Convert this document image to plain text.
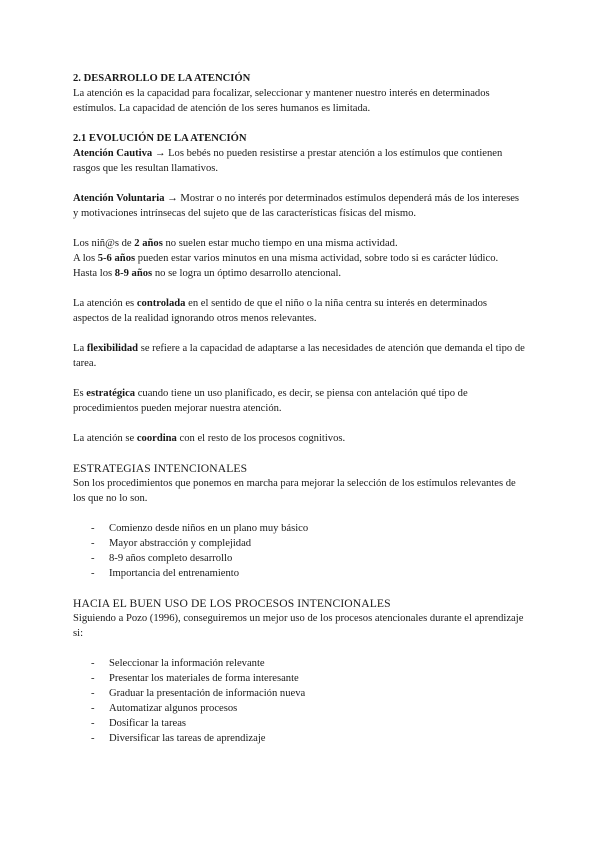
2. DESARROLLO DE LA ATENCIÓN

La atención es la capacidad para focalizar, seleccionar y mantener nuestro interés en determinados estímulos. La capacidad de atención de los seres humanos es limitada.

2.1 EVOLUCIÓN DE LA ATENCIÓN

Atención Cautiva → Los bebés no pueden resistirse a prestar atención a los estímulos que contienen rasgos que les resultan llamativos.

Atención Voluntaria → Mostrar o no interés por determinados estímulos dependerá más de los intereses y motivaciones intrínsecas del sujeto que de las características físicas del mismo.

Los niñ@s de 2 años no suelen estar mucho tiempo en una misma actividad.

A los 5-6 años pueden estar varios minutos en una misma actividad, sobre todo si es carácter lúdico.

Hasta los 8-9 años no se logra un óptimo desarrollo atencional.

La atención es controlada en el sentido de que el niño o la niña centra su interés en determinados aspectos de la realidad ignorando otros menos relevantes.

La flexibilidad se refiere a la capacidad de adaptarse a las necesidades de atención que demanda el tipo de tarea.

Es estratégica cuando tiene un uso planificado, es decir, se piensa con antelación qué tipo de procedimientos pueden mejorar nuestra atención.

La atención se coordina con el resto de los procesos cognitivos.

ESTRATEGIAS INTENCIONALES

Son los procedimientos que ponemos en marcha para mejorar la selección de los estímulos relevantes de los que no lo son.

- Comienzo desde niños en un plano muy básico
- Mayor abstracción y complejidad
- 8-9 años completo desarrollo
- Importancia del entrenamiento

HACIA EL BUEN USO DE LOS PROCESOS INTENCIONALES

Siguiendo a Pozo (1996), conseguiremos un mejor uso de los procesos atencionales durante el aprendizaje si:

- Seleccionar la información relevante
- Presentar los materiales de forma interesante
- Graduar la presentación de información nueva
- Automatizar algunos procesos
- Dosificar la tareas
- Diversificar las tareas de aprendizaje
